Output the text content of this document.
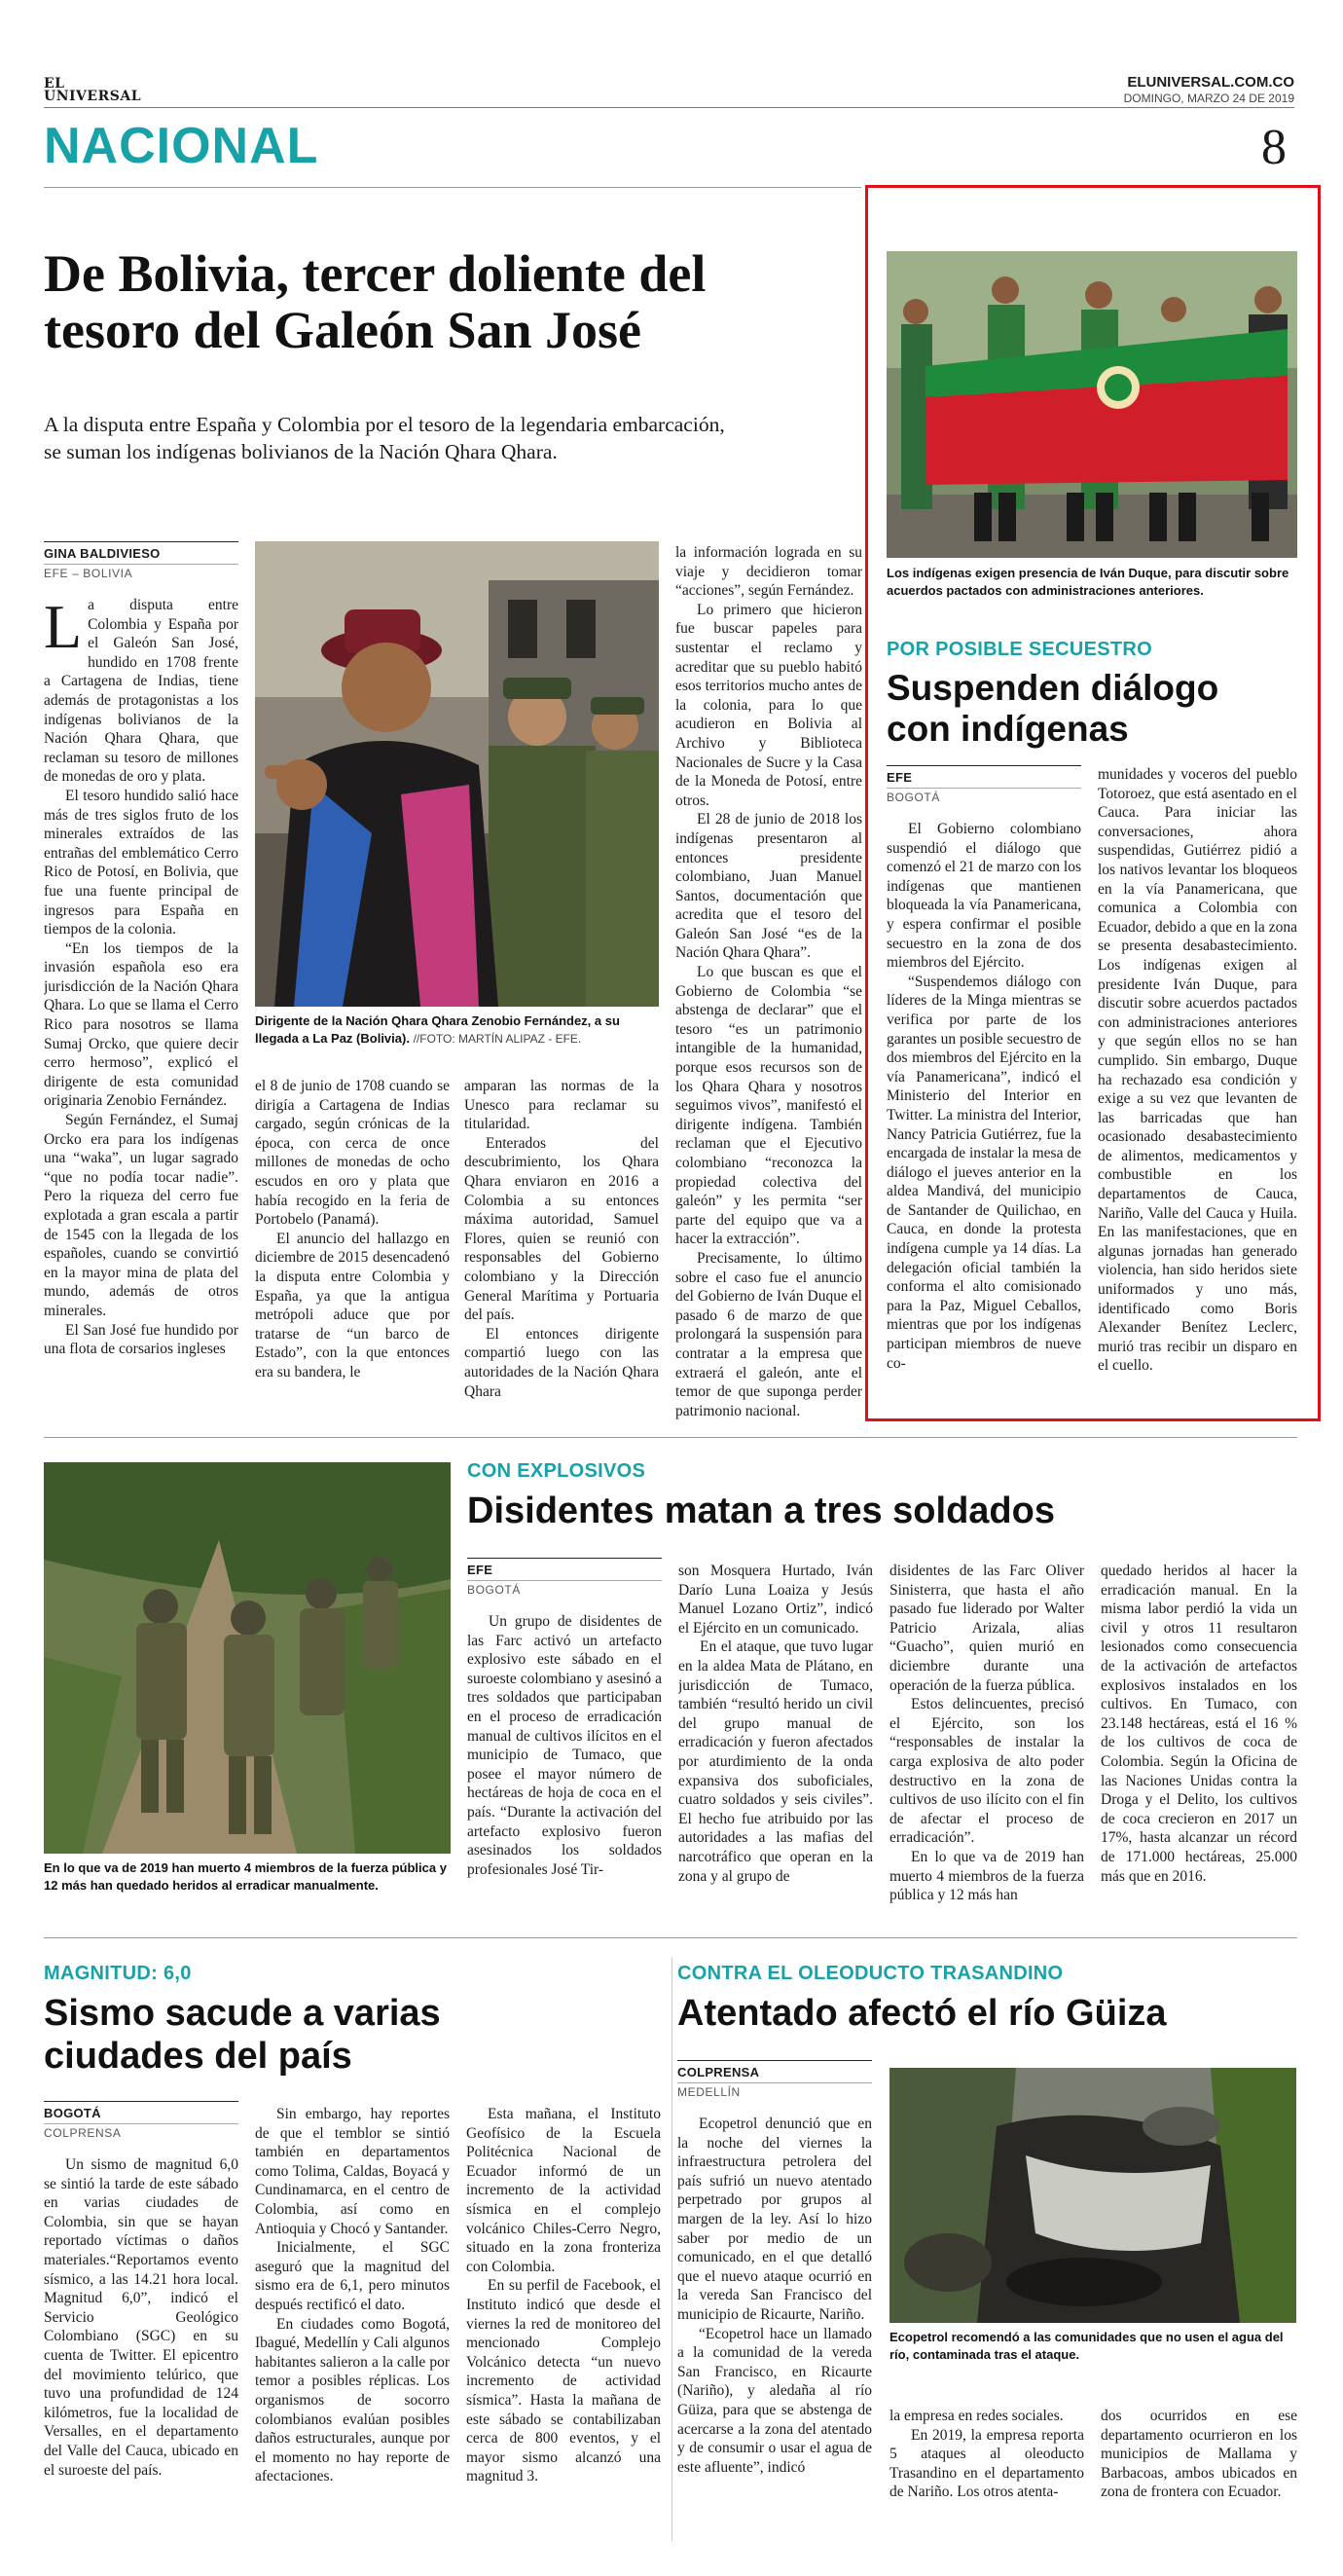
EL
UNIVERSAL
ELUNIVERSAL.COM.CO
DOMINGO, MARZO 24 DE 2019
NACIONAL	8
De Bolivia, tercer doliente del
tesoro del Galeón San José
A la disputa entre España y Colombia por el tesoro de la legendaria embarcación,
se suman los indígenas bolivianos de la Nación Qhara Qhara.
GINA BALDIVIESO
EFE – BOLIVIA
L a disputa entre Colombia y España por el Galeón San José, hundido en 1708 frente a Cartagena de Indias, tiene además de protagonistas a los indígenas bolivianos de la Nación Qhara Qhara, que reclaman su tesoro de millones de monedas de oro y plata.

El tesoro hundido salió hace más de tres siglos fruto de los minerales extraídos de las entrañas del emblemático Cerro Rico de Potosí, en Bolivia, que fue una fuente principal de ingresos para España en tiempos de la colonia.

“En los tiempos de la invasión española eso era jurisdicción de la Nación Qhara Qhara. Lo que se llama el Cerro Rico para nosotros se llama Sumaj Orcko, que quiere decir cerro hermoso”, explicó el dirigente de esta comunidad originaria Zenobio Fernández.

Según Fernández, el Sumaj Orcko era para los indígenas una “waka”, un lugar sagrado “que no podía tocar nadie”. Pero la riqueza del cerro fue explotada a gran escala a partir de 1545 con la llegada de los españoles, cuando se convirtió en la mayor mina de plata del mundo, además de otros minerales.

El San José fue hundido por una flota de corsarios ingleses

Dirigente de la Nación Qhara Qhara Zenobio Fernández, a su llegada a La Paz (Bolivia). //FOTO: MARTÍN ALIPAZ - EFE.

el 8 de junio de 1708 cuando se dirigía a Cartagena de Indias cargado, según crónicas de la época, con cerca de once millones de monedas de ocho escudos en oro y plata que había recogido en la feria de Portobelo (Panamá).

El anuncio del hallazgo en diciembre de 2015 desencadenó la disputa entre Colombia y España, ya que la antigua metrópoli aduce que por tratarse de “un barco de Estado”, con la que entonces era su bandera, le

amparan las normas de la Unesco para reclamar su titularidad.

Enterados del descubrimiento, los Qhara Qhara enviaron en 2016 a Colombia a su entonces máxima autoridad, Samuel Flores, quien se reunió con responsables del Gobierno colombiano y la Dirección General Marítima y Portuaria del país.

El entonces dirigente compartió luego con las autoridades de la Nación Qhara Qhara

la información lograda en su viaje y decidieron tomar “acciones”, según Fernández.

Lo primero que hicieron fue buscar papeles para sustentar el reclamo y acreditar que su pueblo habitó esos territorios mucho antes de la colonia, para lo que acudieron en Bolivia al Archivo y Biblioteca Nacionales de Sucre y la Casa de la Moneda de Potosí, entre otros.

El 28 de junio de 2018 los indígenas presentaron al entonces presidente colombiano, Juan Manuel Santos, documentación que acredita que el tesoro del Galeón San José “es de la Nación Qhara Qhara”.

Lo que buscan es que el Gobierno de Colombia “se abstenga de declarar” que el tesoro “es un patrimonio intangible de la humanidad, porque esos recursos son de los Qhara Qhara y nosotros seguimos vivos”, manifestó el dirigente indígena. También reclaman que el Ejecutivo colombiano “reconozca la propiedad colectiva del galeón” y les permita “ser parte del equipo que va a hacer la extracción”.

Precisamente, lo último sobre el caso fue el anuncio del Gobierno de Iván Duque el pasado 6 de marzo de que prolongará la suspensión para contratar a la empresa que extraerá el galeón, ante el temor de que suponga perder patrimonio nacional.

Los indígenas exigen presencia de Iván Duque, para discutir sobre acuerdos pactados con administraciones anteriores.
POR POSIBLE SECUESTRO
Suspenden diálogo
con indígenas
EFE
BOGOTÁ

El Gobierno colombiano suspendió el diálogo que comenzó el 21 de marzo con los indígenas que mantienen bloqueada la vía Panamericana, y espera confirmar el posible secuestro en la zona de dos miembros del Ejército.

“Suspendemos diálogo con líderes de la Minga mientras se verifica por parte de los garantes un posible secuestro de dos miembros del Ejército en la vía Panamericana”, indicó el Ministerio del Interior en Twitter. La ministra del Interior, Nancy Patricia Gutiérrez, fue la encargada de instalar la mesa de diálogo el jueves anterior en la aldea Mandivá, del municipio de Santander de Quilichao, en Cauca, en donde la protesta indígena cumple ya 14 días. La delegación oficial también la conforma el alto comisionado para la Paz, Miguel Ceballos, mientras que por los indígenas participan miembros de nueve co-

munidades y voceros del pueblo Totoroez, que está asentado en el Cauca. Para iniciar las conversaciones, ahora suspendidas, Gutiérrez pidió a los nativos levantar los bloqueos en la vía Panamericana, que comunica a Colombia con Ecuador, debido a que en la zona se presenta desabastecimiento. Los indígenas exigen al presidente Iván Duque, para discutir sobre acuerdos pactados con administraciones anteriores y que según ellos no se han cumplido. Sin embargo, Duque ha rechazado esa condición y exige a su vez que levanten de las barricadas que han ocasionado desabastecimiento de alimentos, medicamentos y combustible en los departamentos de Cauca, Nariño, Valle del Cauca y Huila. En las manifestaciones, que en algunas jornadas han generado violencia, han sido heridos siete uniformados y uno más, identificado como Boris Alexander Benítez Leclerc, murió tras recibir un disparo en el cuello.

En lo que va de 2019 han muerto 4 miembros de la fuerza pública y 12 más han quedado heridos al erradicar manualmente.
CON EXPLOSIVOS
Disidentes matan a tres soldados
EFE
BOGOTÁ

Un grupo de disidentes de las Farc activó un artefacto explosivo este sábado en el suroeste colombiano y asesinó a tres soldados que participaban en el proceso de erradicación manual de cultivos ilícitos en el municipio de Tumaco, que posee el mayor número de hectáreas de hoja de coca en el país. “Durante la activación del artefacto explosivo fueron asesinados los soldados profesionales José Tir-

son Mosquera Hurtado, Iván Darío Luna Loaiza y Jesús Manuel Lozano Ortiz”, indicó el Ejército en un comunicado.

En el ataque, que tuvo lugar en la aldea Mata de Plátano, en jurisdicción de Tumaco, también “resultó herido un civil del grupo manual de erradicación y fueron afectados por aturdimiento de la onda expansiva dos suboficiales, cuatro soldados y seis civiles”. El hecho fue atribuido por las autoridades a las mafias del narcotráfico que operan en la zona y al grupo de

disidentes de las Farc Oliver Sinisterra, que hasta el año pasado fue liderado por Walter Patricio Arizala, alias “Guacho”, quien murió en diciembre durante una operación de la fuerza pública.

Estos delincuentes, precisó el Ejército, son los “responsables de instalar la carga explosiva de alto poder destructivo en la zona de cultivos de uso ilícito con el fin de afectar el proceso de erradicación”.

En lo que va de 2019 han muerto 4 miembros de la fuerza pública y 12 más han

quedado heridos al hacer la erradicación manual. En la misma labor perdió la vida un civil y otros 11 resultaron lesionados como consecuencia de la activación de artefactos explosivos instalados en los cultivos. En Tumaco, con 23.148 hectáreas, está el 16 % de los cultivos de coca de Colombia. Según la Oficina de las Naciones Unidas contra la Droga y el Delito, los cultivos de coca crecieron en 2017 un 17%, hasta alcanzar un récord de 171.000 hectáreas, 25.000 más que en 2016.

MAGNITUD: 6,0
Sismo sacude a varias
ciudades del país
BOGOTÁ
COLPRENSA

Un sismo de magnitud 6,0 se sintió la tarde de este sábado en varias ciudades de Colombia, sin que se hayan reportado víctimas o daños materiales.“Reportamos evento sísmico, a las 14.21 hora local. Magnitud 6,0”, indicó el Servicio Geológico Colombiano (SGC) en su cuenta de Twitter. El epicentro del movimiento telúrico, que tuvo una profundidad de 124 kilómetros, fue la localidad de Versalles, en el departamento del Valle del Cauca, ubicado en el suroeste del país.

Sin embargo, hay reportes de que el temblor se sintió también en departamentos como Tolima, Caldas, Boyacá y Cundinamarca, en el centro de Colombia, así como en Antioquia y Chocó y Santander.

Inicialmente, el SGC aseguró que la magnitud del sismo era de 6,1, pero minutos después rectificó el dato.

En ciudades como Bogotá, Ibagué, Medellín y Cali algunos habitantes salieron a la calle por temor a posibles réplicas. Los organismos de socorro colombianos evalúan posibles daños estructurales, aunque por el momento no hay reporte de afectaciones.

Esta mañana, el Instituto Geofísico de la Escuela Politécnica Nacional de Ecuador informó de un incremento de la actividad sísmica en el complejo volcánico Chiles-Cerro Negro, situado en la zona fronteriza con Colombia.

En su perfil de Facebook, el Instituto indicó que desde el viernes la red de monitoreo del mencionado Complejo Volcánico detecta “un nuevo incremento de actividad sísmica”. Hasta la mañana de este sábado se contabilizaban cerca de 800 eventos, y el mayor sismo alcanzó una magnitud 3.

CONTRA EL OLEODUCTO TRASANDINO
Atentado afectó el río Güiza
COLPRENSA
MEDELLÍN

Ecopetrol denunció que en la noche del viernes la infraestructura petrolera del país sufrió un nuevo atentado perpetrado por grupos al margen de la ley. Así lo hizo saber por medio de un comunicado, en el que detalló que el nuevo ataque ocurrió en la vereda San Francisco del municipio de Ricaurte, Nariño.

“Ecopetrol hace un llamado a la comunidad de la vereda San Francisco, en Ricaurte (Nariño), y aledaña al río Güiza, para que se abstenga de acercarse a la zona del atentado y de consumir o usar el agua de este afluente”, indicó

Ecopetrol recomendó a las comunidades que no usen el agua del río, contaminada tras el ataque.

la empresa en redes sociales.

En 2019, la empresa reporta 5 ataques al oleoducto Trasandino en el departamento de Nariño. Los otros atenta-

dos ocurridos en ese departamento ocurrieron en los municipios de Mallama y Barbacoas, ambos ubicados en zona de frontera con Ecuador.
